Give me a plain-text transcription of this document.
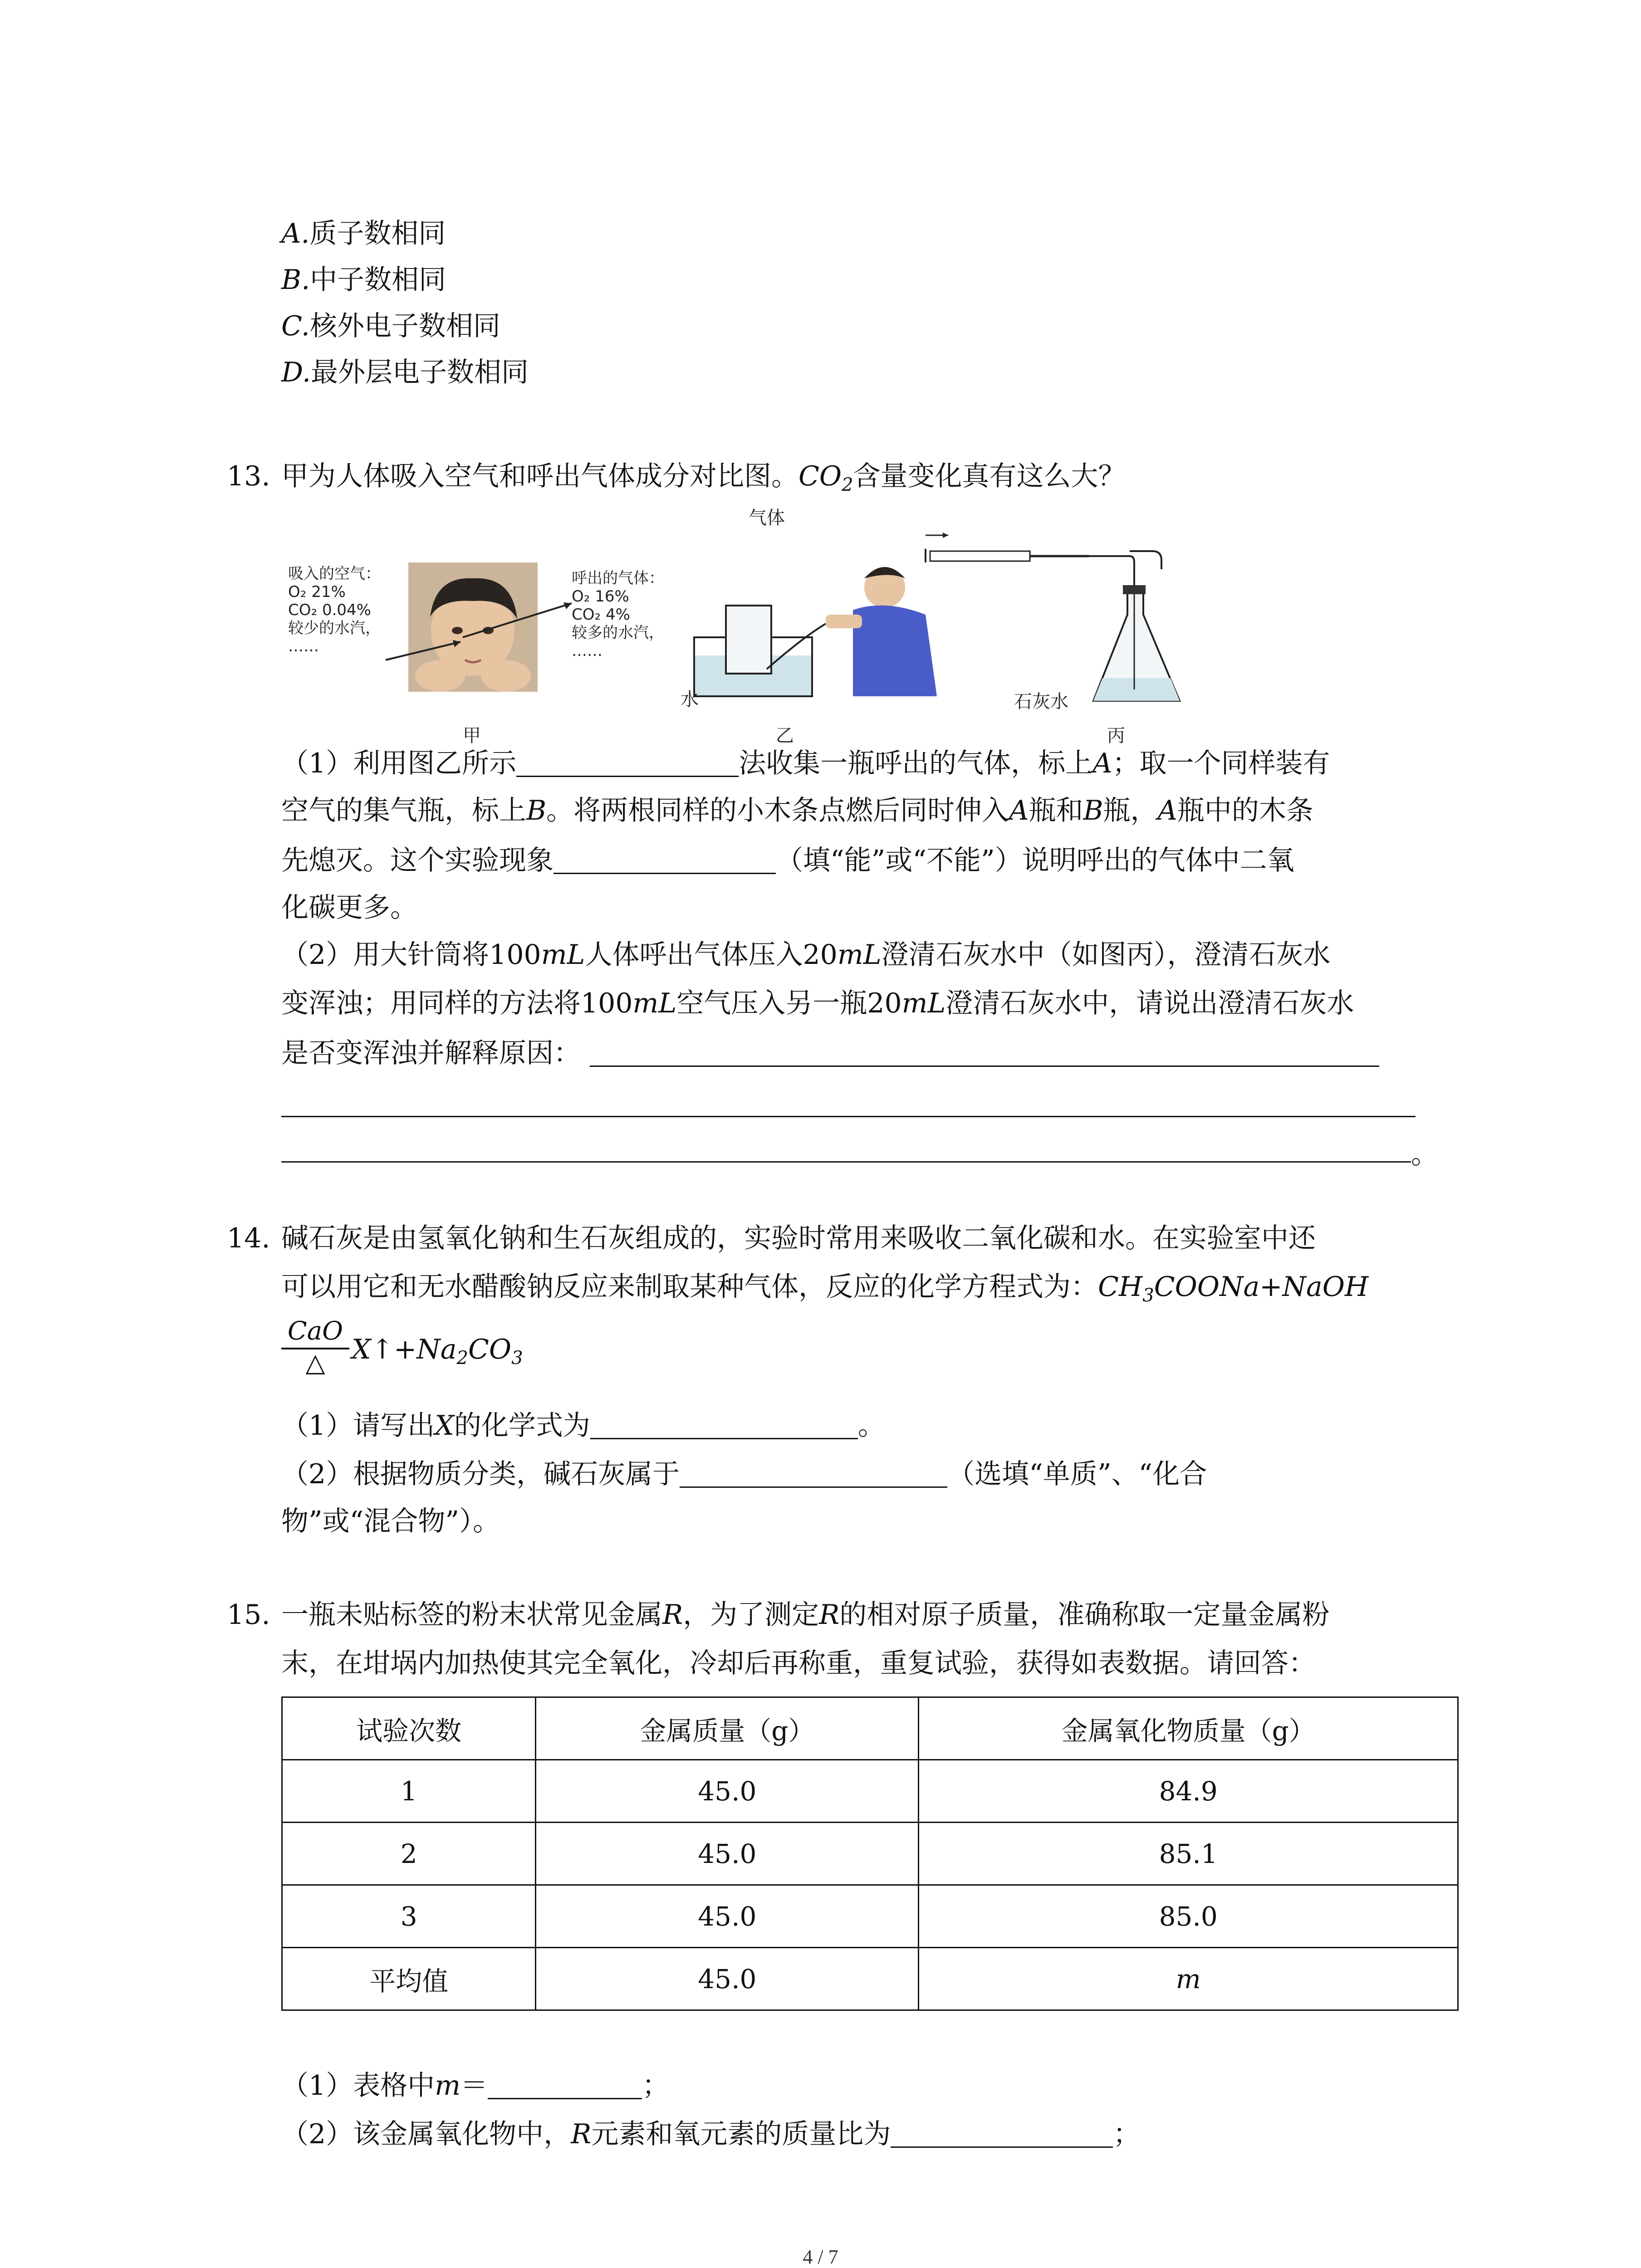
A.质子数相同
B.中子数相同
C.核外电子数相同
D.最外层电子数相同
13. 甲为人体吸入空气和呼出气体成分对比图。$CO_2$含量变化真有这么大？
吸入的空气：
O₂ 21%
CO₂ 0.04%
较少的水汽，
……
呼出的气体：
O₂ 16%
CO₂ 4%
较多的水汽，
……
水
气体
石灰水
甲	乙	丙
（1）利用图乙所示	法收集一瓶呼出的气体，标上A；取一个同样装有
空气的集气瓶，标上B。将两根同样的小木条点燃后同时伸入A瓶和B瓶，A瓶中的木条
先熄灭。这个实验现象	（填“能”或“不能”）说明呼出的气体中二氧
化碳更多。
（2）用大针筒将100mL人体呼出气体压入20mL澄清石灰水中（如图丙），澄清石灰水
变浑浊；用同样的方法将100mL空气压入另一瓶20mL澄清石灰水中，请说出澄清石灰水
是否变浑浊并解释原因：
。
14. 碱石灰是由氢氧化钠和生石灰组成的，实验时常用来吸收二氧化碳和水。在实验室中还
可以用它和无水醋酸钠反应来制取某种气体，反应的化学方程式为：$CH_3COONa+NaOH$
CaO
△ $X↑+Na_2CO_3$
（1）请写出X的化学式为	。
（2）根据物质分类，碱石灰属于	（选填“单质”、“化合
物”或“混合物”）。
15. 一瓶未贴标签的粉末状常见金属R，为了测定R的相对原子质量，准确称取一定量金属粉
末，在坩埚内加热使其完全氧化，冷却后再称重，重复试验，获得如表数据。请回答：
试验次数	金属质量（g）	金属氧化物质量（g）
1	45.0	84.9
2	45.0	85.1
3	45.0	85.0
平均值	45.0	m
（1）表格中m＝	；
（2）该金属氧化物中，R元素和氧元素的质量比为	；
4 / 7
